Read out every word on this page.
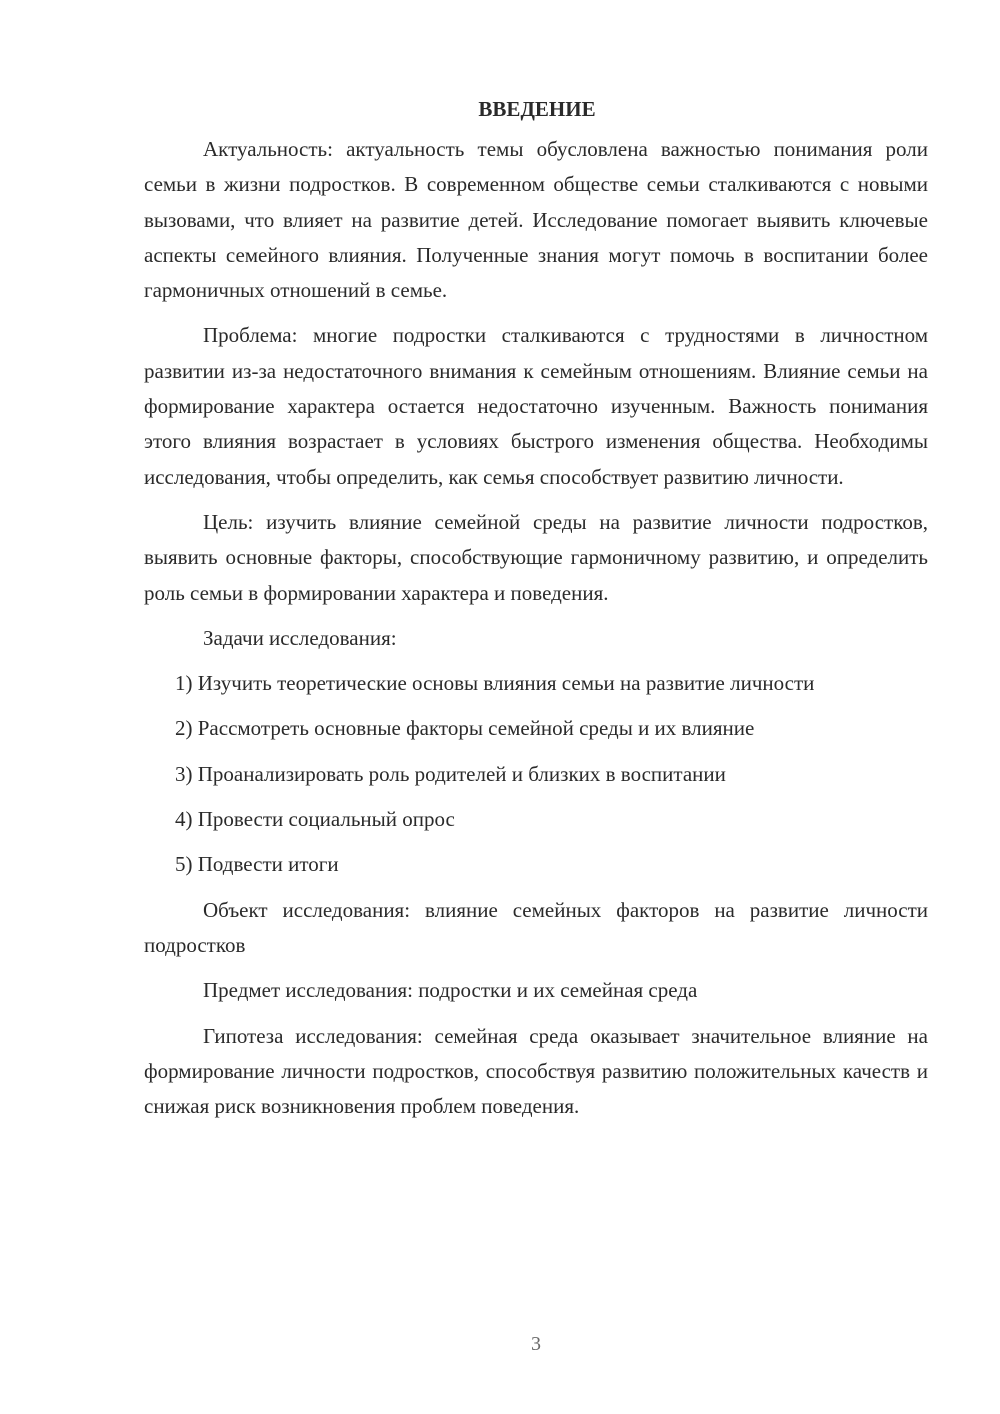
ВВЕДЕНИЕ

Актуальность: актуальность темы обусловлена важностью понимания роли семьи в жизни подростков. В современном обществе семьи сталкиваются с новыми вызовами, что влияет на развитие детей. Исследование помогает выявить ключевые аспекты семейного влияния. Полученные знания могут помочь в воспитании более гармоничных отношений в семье.

Проблема: многие подростки сталкиваются с трудностями в личностном развитии из-за недостаточного внимания к семейным отношениям. Влияние семьи на формирование характера остается недостаточно изученным. Важность понимания этого влияния возрастает в условиях быстрого изменения общества. Необходимы исследования, чтобы определить, как семья способствует развитию личности.

Цель: изучить влияние семейной среды на развитие личности подростков, выявить основные факторы, способствующие гармоничному развитию, и определить роль семьи в формировании характера и поведения.

Задачи исследования:

1) Изучить теоретические основы влияния семьи на развитие личности
2) Рассмотреть основные факторы семейной среды и их влияние
3) Проанализировать роль родителей и близких в воспитании
4) Провести социальный опрос
5) Подвести итоги

Объект исследования: влияние семейных факторов на развитие личности подростков

Предмет исследования: подростки и их семейная среда

Гипотеза исследования: семейная среда оказывает значительное влияние на формирование личности подростков, способствуя развитию положительных качеств и снижая риск возникновения проблем поведения.

3
